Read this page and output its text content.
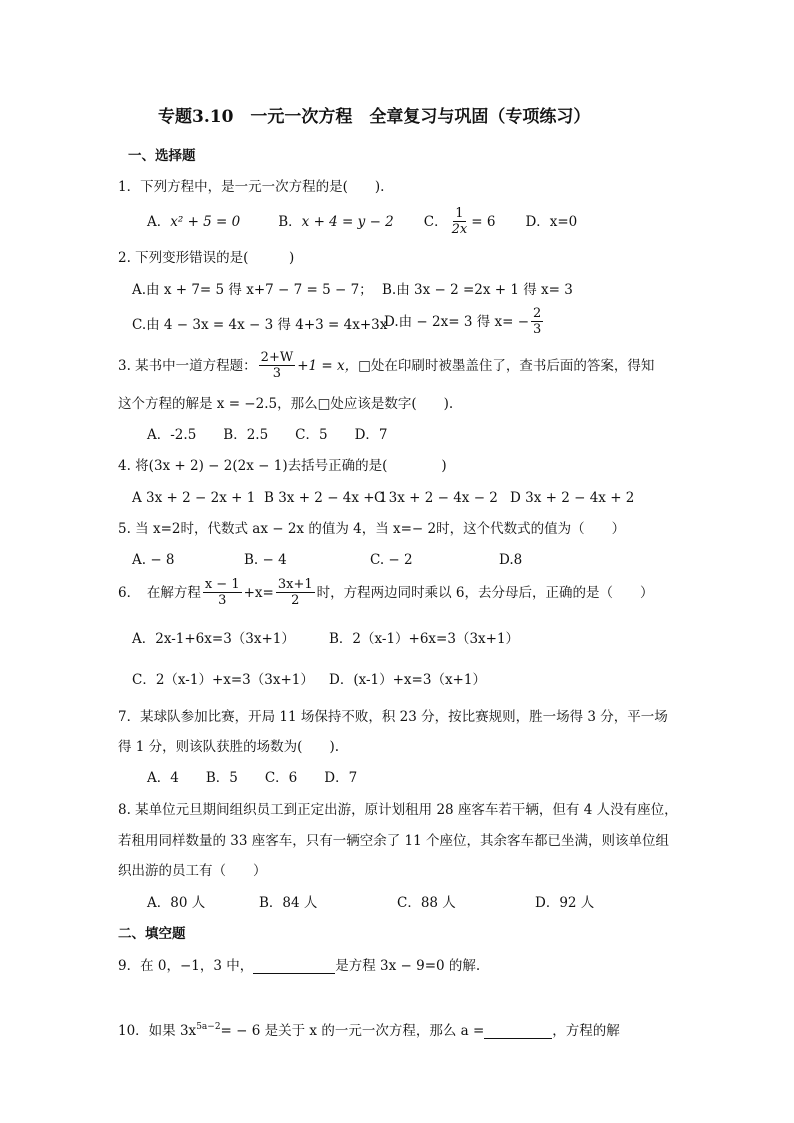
专题3.10　一元一次方程　全章复习与巩固（专项练习）
一、选择题
1．下列方程中，是一元一次方程的是(　　).
A． x² + 5 = 0	B． x + 4 = y − 2 C． $\frac{1}{2x} = 6$ D．x=0
2. 下列变形错误的是(　　　)
A.由 x + 7= 5 得 x+7 − 7 = 5 − 7； B.由 3x − 2 =2x + 1 得 x= 3
C.由 4 − 3x = 4x − 3 得 4+3 = 4x+3x
D.由 − 2x= 3 得 $x= - \frac{2}{3}$
3. 某书中一道方程题： $\frac{2+W}{3} +1 = x$， □处在印刷时被墨盖住了，查书后面的答案，得知
这个方程的解是 x = −2.5，那么□处应该是数字(　　).
A．-2.5　　B．2.5　　C．5　　D．7
4. 将(3x + 2) − 2(2x − 1)去括号正确的是(　　　　)
A 3x + 2 − 2x + 1 B 3x + 2 − 4x + 1
C 3x + 2 − 4x − 2 D 3x + 2 − 4x + 2
5. 当 x=2时，代数式 ax − 2x 的值为 4，当 x=− 2时，这个代数式的值为（　　）
A. − 8	B. − 4	C. − 2	D.8
6．　在解方程 $\frac{x - 1}{3} +x= \frac{3x+1}{2}$ 时，方程两边同时乘以 6，去分母后，正确的是（　　）
A．2x-1+6x=3（3x+1）	B．2（x-1）+6x=3（3x+1）
C．2（x-1）+x=3（3x+1） D．(x-1）+x=3（x+1）
7．某球队参加比赛，开局 11 场保持不败，积 23 分，按比赛规则，胜一场得 3 分，平一场
得 1 分，则该队获胜的场数为(　　).
A．4　　B．5　　C．6　　D．7
8. 某单位元旦期间组织员工到正定出游，原计划租用 28 座客车若干辆，但有 4 人没有座位，
若租用同样数量的 33 座客车，只有一辆空余了 11 个座位，其余客车都已坐满，则该单位组
织出游的员工有（　　）
A．80 人	B．84 人	C．88 人	D．92 人
二、填空题
9．在 0，−1，3 中，	是方程 3x − 9=0 的解.
10．如果 $3x^{5a-2}$ = − 6 是关于 x 的一元一次方程，那么 a =	，方程的解
